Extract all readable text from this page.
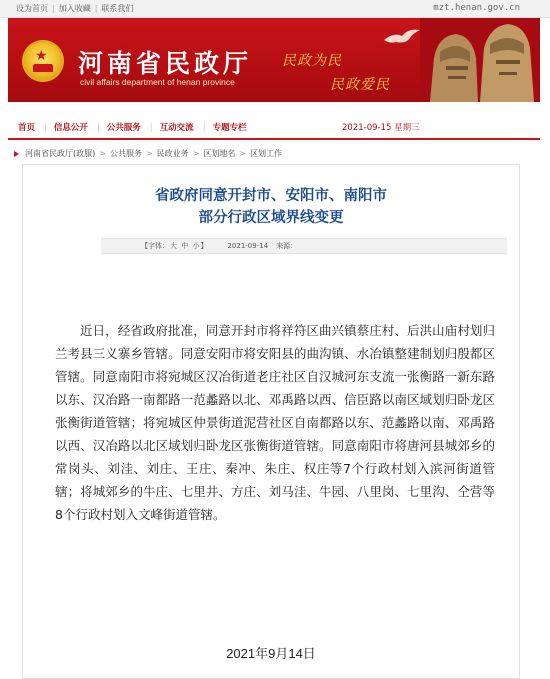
设为首页 | 加入收藏 | 联系我们	mzt.henan.gov.cn
★ 河南省民政厅
civil affairs department of henan province
民政为民
民政爱民
首页 | 信息公开 | 公共服务 | 互动交流 | 专题专栏	2021-09-15 星期三
河南省民政厅(政服) > 公共服务 > 民政业务 > 区划地名 > 区划工作
省政府同意开封市、安阳市、南阳市
部分行政区域界线变更
【字体：大 中 小】	2021-09-14 来源：

近日，经省政府批准，同意开封市将祥符区曲兴镇蔡庄村、后洪山庙村划归兰考县三义寨乡管辖。同意安阳市将安阳县的曲沟镇、水冶镇整建制划归殷都区管辖。同意南阳市将宛城区汉冶街道老庄社区自汉城河东支流一张衡路一新东路以东、汉冶路一南都路一范蠡路以北、邓禹路以西、信臣路以南区域划归卧龙区张衡街道管辖；将宛城区仲景街道泥营社区自南都路以东、范蠡路以南、邓禹路以西、汉冶路以北区域划归卧龙区张衡街道管辖。同意南阳市将唐河县城郊乡的常岗头、刘洼、刘庄、王庄、秦冲、朱庄、权庄等7个行政村划入滨河街道管辖；将城郊乡的牛庄、七里井、方庄、刘马洼、牛园、八里岗、七里沟、仝营等8个行政村划入文峰街道管辖。

2021年9月14日
